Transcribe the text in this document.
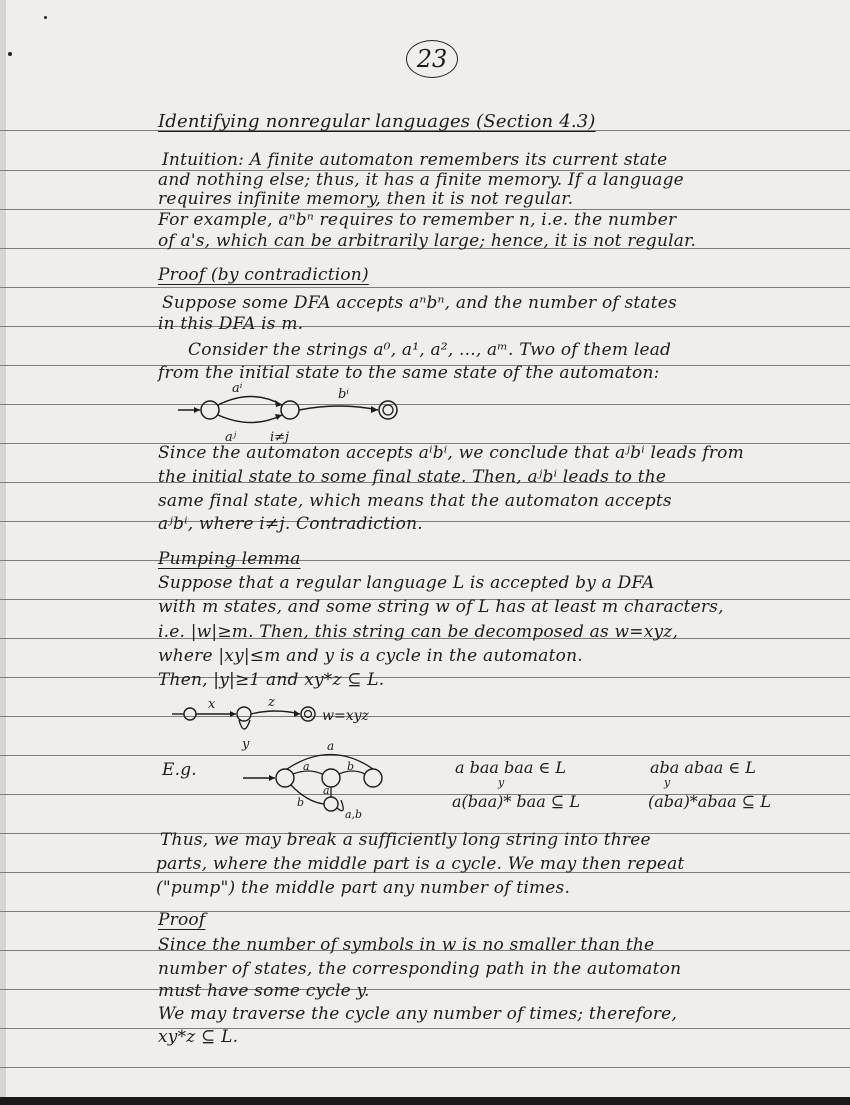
23
Identifying nonregular languages (Section 4.3)
Intuition: A finite automaton remembers its current state
and nothing else; thus, it has a finite memory. If a language
requires infinite memory, then it is not regular.
For example, aⁿbⁿ requires to remember n, i.e. the number
of a's, which can be arbitrarily large; hence, it is not regular.
Proof (by contradiction)
Suppose some DFA accepts aⁿbⁿ, and the number of states
in this DFA is m.
Consider the strings a⁰, a¹, a², ..., aᵐ. Two of them lead
from the initial state to the same state of the automaton:
aⁱ
aʲ	i≠j
bⁱ
Since the automaton accepts aⁱbⁱ, we conclude that aʲbⁱ leads from
the initial state to some final state. Then, aʲbⁱ leads to the
same final state, which means that the automaton accepts
aʲbⁱ, where i≠j. Contradiction.
Pumping lemma
Suppose that a regular language L is accepted by a DFA
with m states, and some string w of L has at least m characters,
i.e. |w|≥m. Then, this string can be decomposed as w=xyz,
where |xy|≤m and y is a cycle in the automaton.
Then, |y|≥1 and xy*z ⊆ L.
x
y
z
w=xyz
E.g.
a
a	b
a
b
a,b
a baa baa ∈ L
y
a(baa)* baa ⊆ L
aba abaa ∈ L
y
(aba)*abaa ⊆ L
Thus, we may break a sufficiently long string into three
parts, where the middle part is a cycle. We may then repeat
("pump") the middle part any number of times.
Proof
Since the number of symbols in w is no smaller than the
number of states, the corresponding path in the automaton
must have some cycle y.
We may traverse the cycle any number of times; therefore,
xy*z ⊆ L.
